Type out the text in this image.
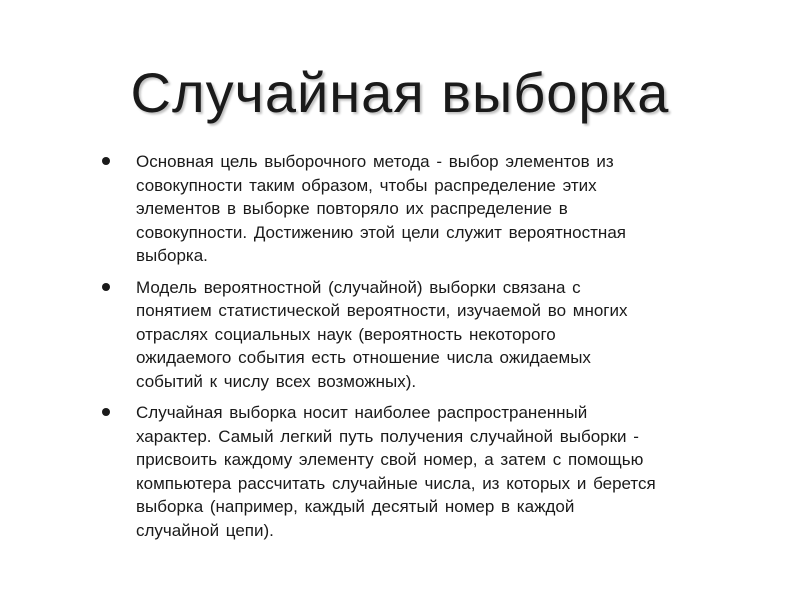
Случайная выборка
Основная цель выборочного метода - выбор элементов из
совокупности таким образом, чтобы распределение этих
элементов в выборке повторяло их распределение в
совокупности. Достижению этой цели служит вероятностная
выборка.
Модель вероятностной (случайной) выборки связана с
понятием статистической вероятности, изучаемой во многих
отраслях социальных наук (вероятность некоторого
ожидаемого события есть отношение числа ожидаемых
событий к числу всех возможных).
Случайная выборка носит наиболее распространенный
характер. Самый легкий путь получения случайной выборки -
присвоить каждому элементу свой номер, а затем с помощью
компьютера рассчитать случайные числа, из которых и берется
выборка (например, каждый десятый номер в каждой
случайной цепи).
